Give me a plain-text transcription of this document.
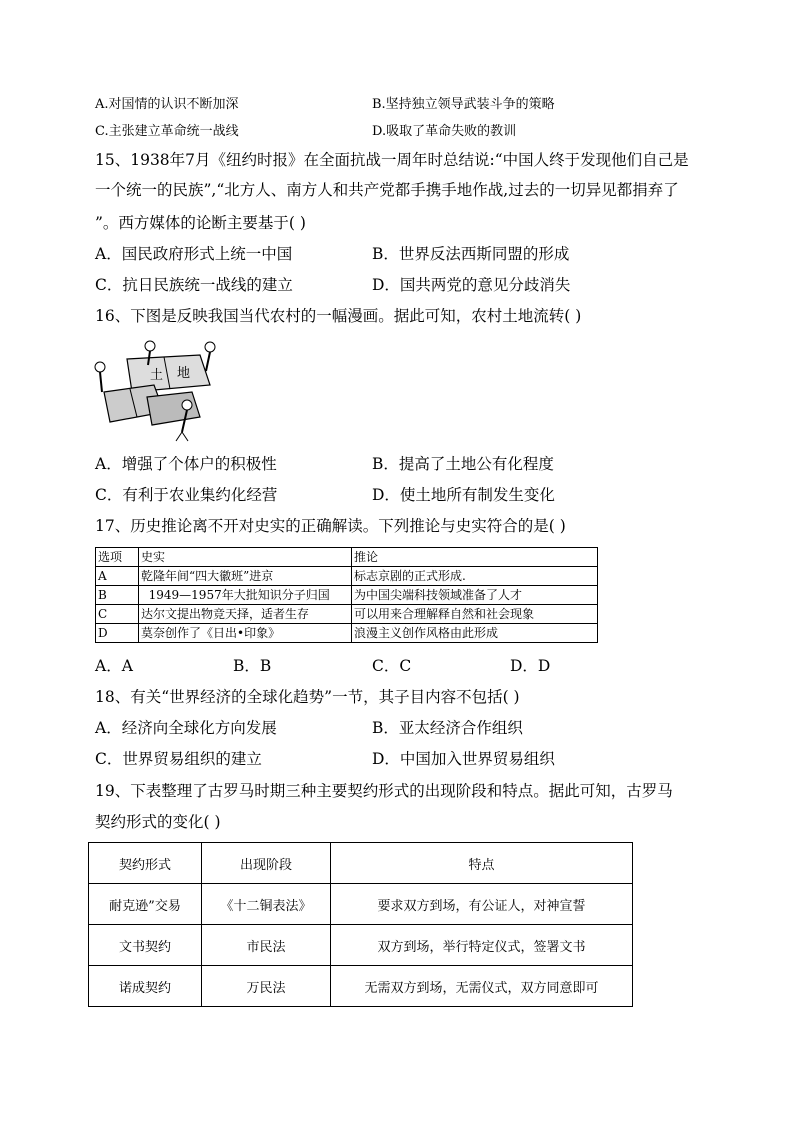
A.对国情的认识不断加深	B.坚持独立领导武装斗争的策略
C.主张建立革命统一战线	D.吸取了革命失败的教训
15、1938年7月《纽约时报》在全面抗战一周年时总结说:“中国人终于发现他们自己是
一个统一的民族”,“北方人、南方人和共产党都手携手地作战,过去的一切异见都捐弃了
”。西方媒体的论断主要基于( )
A．国民政府形式上统一中国	B．世界反法西斯同盟的形成
C．抗日民族统一战线的建立	D．国共两党的意见分歧消失
16、下图是反映我国当代农村的一幅漫画。据此可知，农村土地流转( )
土 地
A．增强了个体户的积极性	B．提高了土地公有化程度
C．有利于农业集约化经营	D．使土地所有制发生变化
17、历史推论离不开对史实的正确解读。下列推论与史实符合的是( )
选项	史实	推论
A	乾隆年间“四大徽班”进京	标志京剧的正式形成.
B	1949—1957年大批知识分子归国	为中国尖端科技领域准备了人才
C	达尔文提出物竞天择，适者生存	可以用来合理解释自然和社会现象
D	莫奈创作了《日出•印象》	浪漫主义创作风格由此形成
A．A	B．B	C．C	D．D
18、有关“世界经济的全球化趋势”一节，其子目内容不包括( )
A．经济向全球化方向发展	B．亚太经济合作组织
C．世界贸易组织的建立	D．中国加入世界贸易组织
19、下表整理了古罗马时期三种主要契约形式的出现阶段和特点。据此可知，古罗马
契约形式的变化( )
契约形式	出现阶段	特点
耐克逊”交易	《十二铜表法》	要求双方到场，有公证人，对神宣誓
文书契约	市民法	双方到场，举行特定仪式，签署文书
诺成契约	万民法	无需双方到场，无需仪式，双方同意即可
